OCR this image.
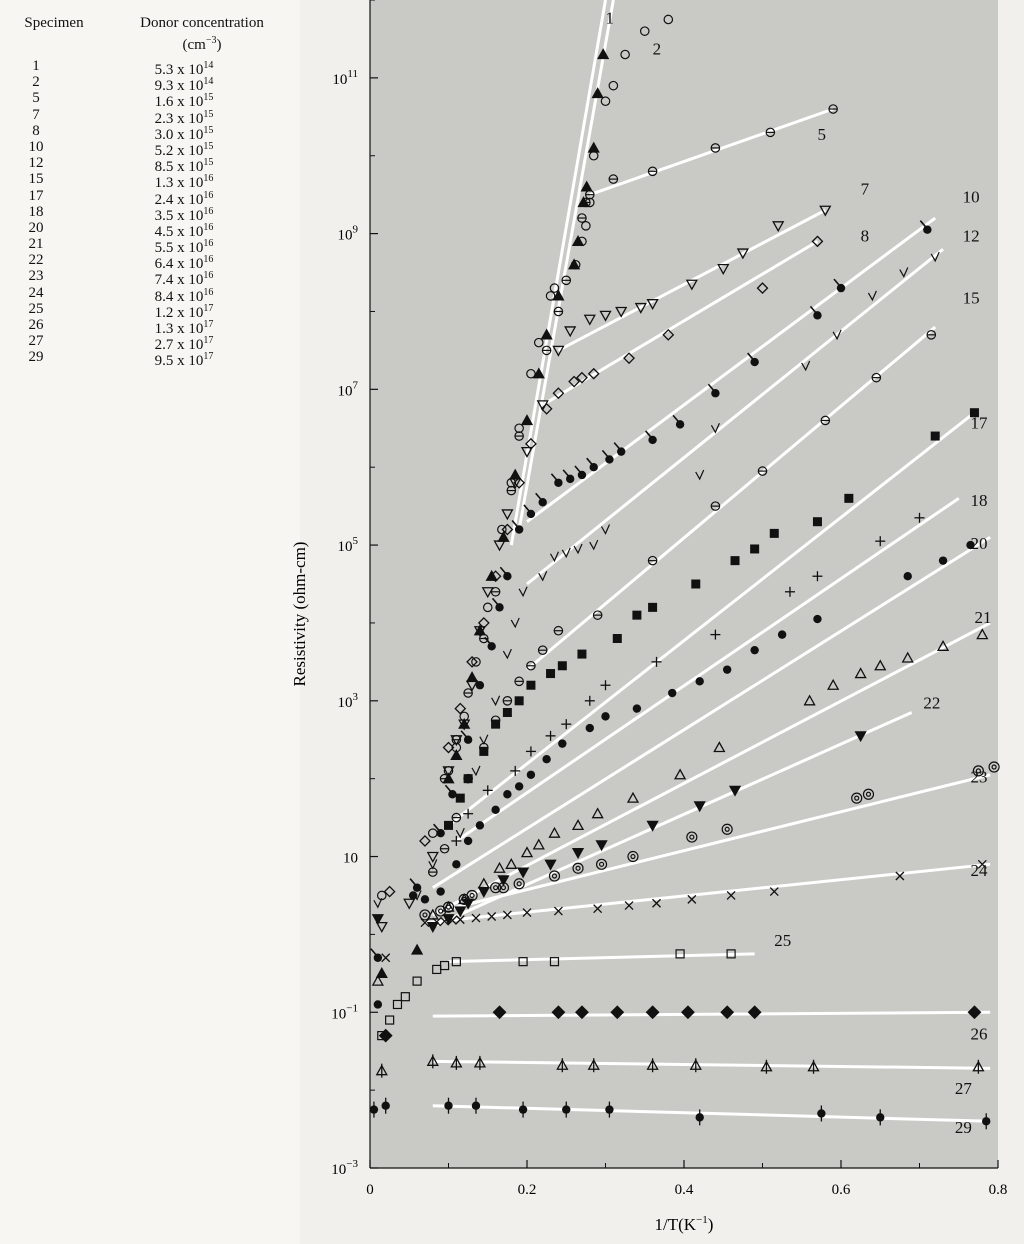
Specimen	Donor concentration
$(cm^{-3})$
1	5.3 x $10^{14}$
2	9.3 x $10^{14}$
5	1.6 x $10^{15}$
7	2.3 x $10^{15}$
8	3.0 x $10^{15}$
10	5.2 x $10^{15}$
12	8.5 x $10^{15}$
15	1.3 x $10^{16}$
17	2.4 x $10^{16}$
18	3.5 x $10^{16}$
20	4.5 x $10^{16}$
21	5.5 x $10^{16}$
22	6.4 x $10^{16}$
23	7.4 x $10^{16}$
24	8.4 x $10^{16}$
25	1.2 x $10^{17}$
26	1.3 x $10^{17}$
27	2.7 x $10^{17}$
29	9.5 x $10^{17}$
1
2
5
7
8
10
12
15
17
18
20
21
22
23
24
25
26
27
29
0	0.2	0.4	0.6	0.8
$10^{-3}$
$10^{-1}$
10
$10^3$
$10^5$
$10^7$
$10^9$
$10^{11}$
$1/T(K^{-1})$
Resistivity (ohm-cm)
